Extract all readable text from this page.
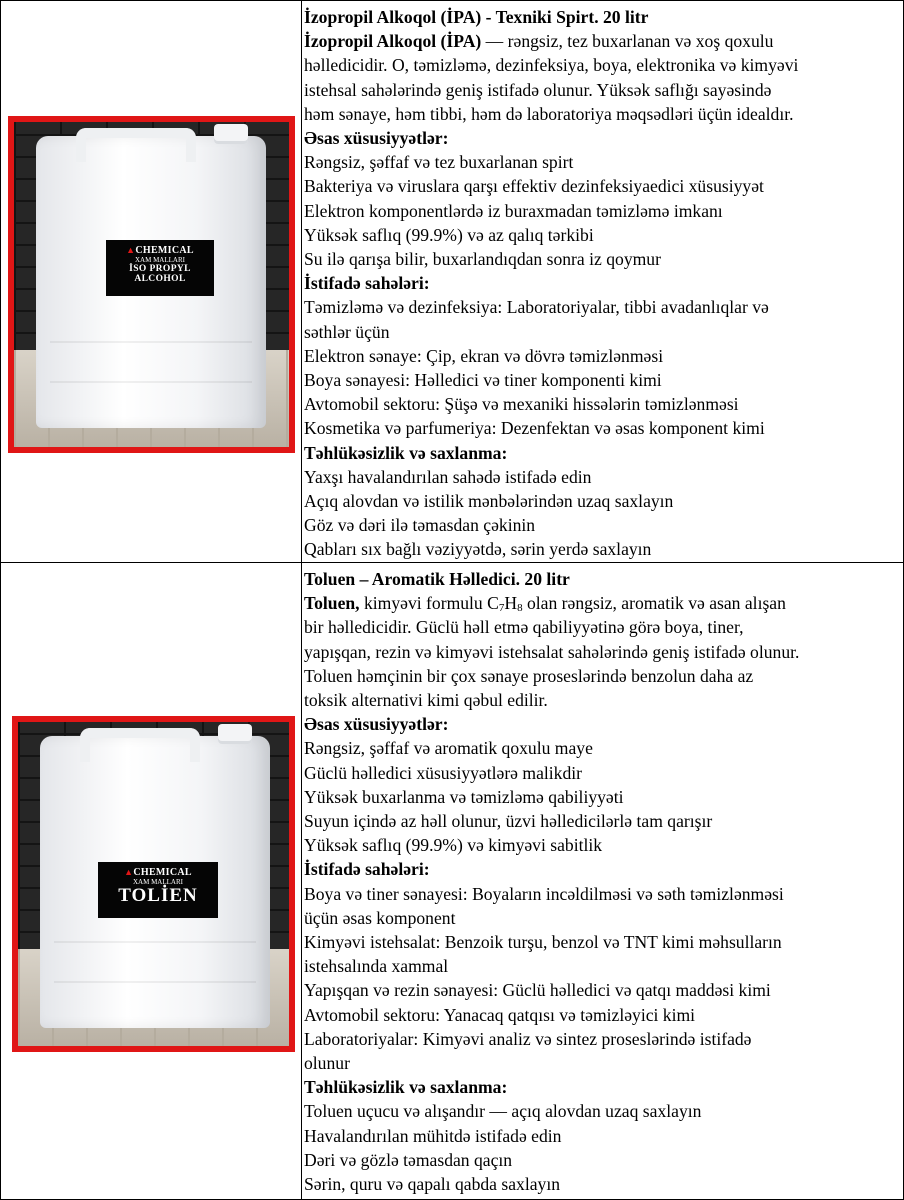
▲CHEMICAL
XAM MALLARI
İSO PROPYL
ALCOHOL

İzopropil Alkoqol (İPA) - Texniki Spirt. 20 litr

İzopropil Alkoqol (İPA) — rəngsiz, tez buxarlanan və xoş qoxulu

həlledicidir. O, təmizləmə, dezinfeksiya, boya, elektronika və kimyəvi

istehsal sahələrində geniş istifadə olunur. Yüksək saflığı sayəsində

həm sənaye, həm tibbi, həm də laboratoriya məqsədləri üçün idealdır.

Əsas xüsusiyyətlər:

Rəngsiz, şəffaf və tez buxarlanan spirt

Bakteriya və viruslara qarşı effektiv dezinfeksiyaedici xüsusiyyət

Elektron komponentlərdə iz buraxmadan təmizləmə imkanı

Yüksək saflıq (99.9%) və az qalıq tərkibi

Su ilə qarışa bilir, buxarlandıqdan sonra iz qoymur

İstifadə sahələri:

Təmizləmə və dezinfeksiya: Laboratoriyalar, tibbi avadanlıqlar və

səthlər üçün

Elektron sənaye: Çip, ekran və dövrə təmizlənməsi

Boya sənayesi: Həlledici və tiner komponenti kimi

Avtomobil sektoru: Şüşə və mexaniki hissələrin təmizlənməsi

Kosmetika və parfumeriya: Dezenfektan və əsas komponent kimi

Təhlükəsizlik və saxlanma:

Yaxşı havalandırılan sahədə istifadə edin

Açıq alovdan və istilik mənbələrindən uzaq saxlayın

Göz və dəri ilə təmasdan çəkinin

Qabları sıx bağlı vəziyyətdə, sərin yerdə saxlayın

▲CHEMICAL
XAM MALLARI
TOLİEN

Toluen – Aromatik Həlledici. 20 litr

Toluen, kimyəvi formulu $C_7H_8$ olan rəngsiz, aromatik və asan alışan

bir həlledicidir. Güclü həll etmə qabiliyyətinə görə boya, tiner,

yapışqan, rezin və kimyəvi istehsalat sahələrində geniş istifadə olunur.

Toluen həmçinin bir çox sənaye proseslərində benzolun daha az

toksik alternativi kimi qəbul edilir.

Əsas xüsusiyyətlər:

Rəngsiz, şəffaf və aromatik qoxulu maye

Güclü həlledici xüsusiyyətlərə malikdir

Yüksək buxarlanma və təmizləmə qabiliyyəti

Suyun içində az həll olunur, üzvi həlledicilərlə tam qarışır

Yüksək saflıq (99.9%) və kimyəvi sabitlik

İstifadə sahələri:

Boya və tiner sənayesi: Boyaların incəldilməsi və səth təmizlənməsi

üçün əsas komponent

Kimyəvi istehsalat: Benzoik turşu, benzol və TNT kimi məhsulların

istehsalında xammal

Yapışqan və rezin sənayesi: Güclü həlledici və qatqı maddəsi kimi

Avtomobil sektoru: Yanacaq qatqısı və təmizləyici kimi

Laboratoriyalar: Kimyəvi analiz və sintez proseslərində istifadə

olunur

Təhlükəsizlik və saxlanma:

Toluen uçucu və alışandır — açıq alovdan uzaq saxlayın

Havalandırılan mühitdə istifadə edin

Dəri və gözlə təmasdan qaçın

Sərin, quru və qapalı qabda saxlayın
